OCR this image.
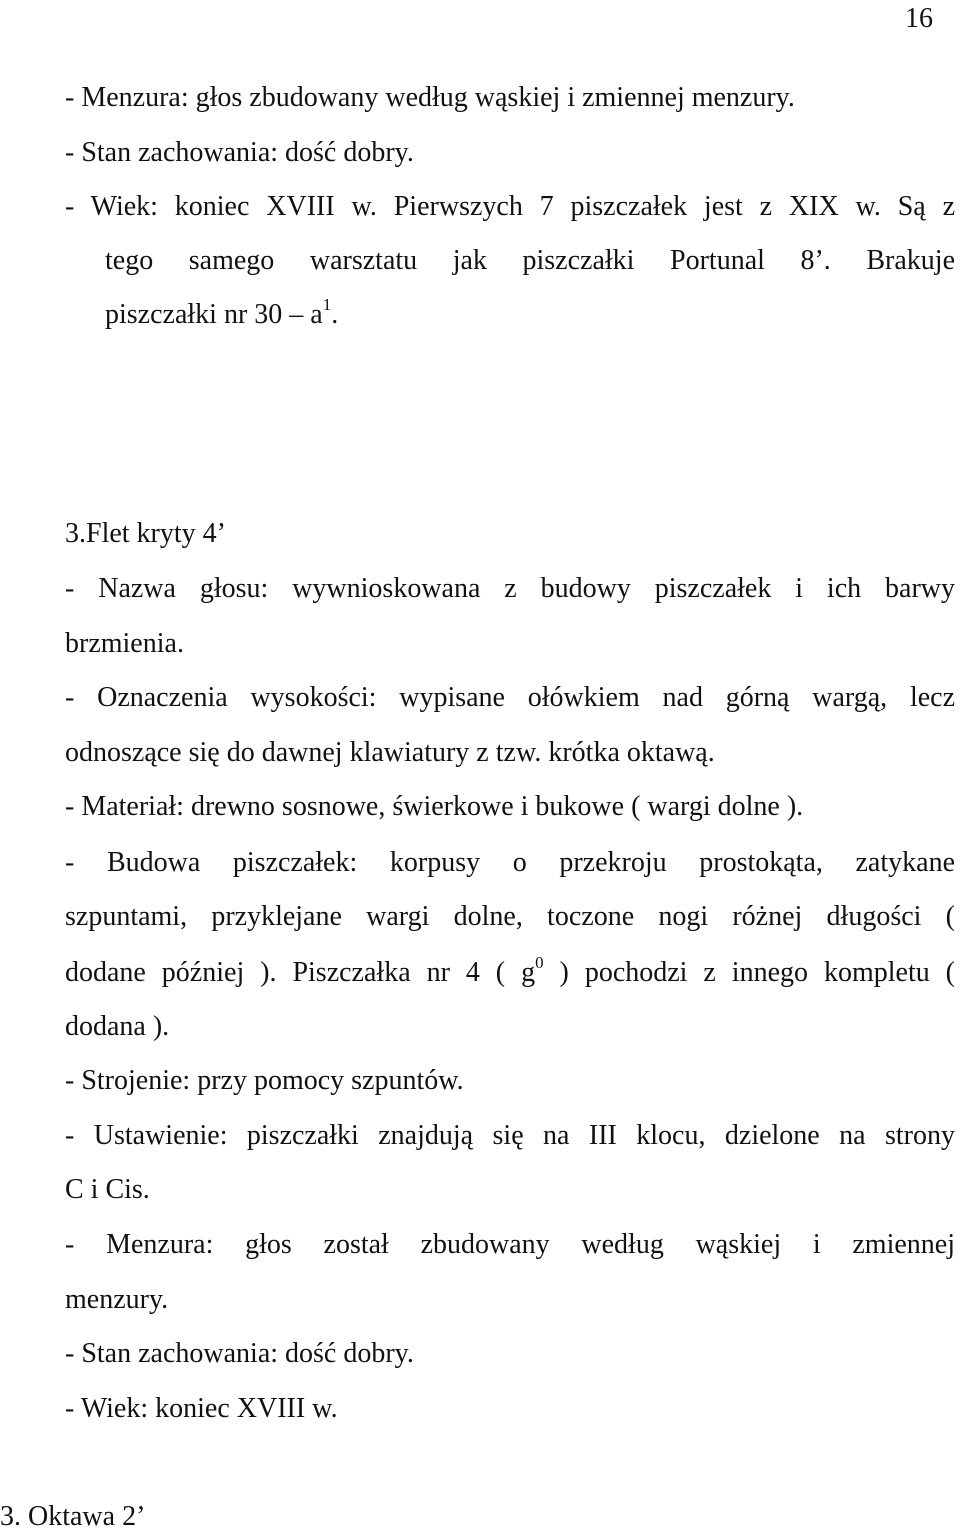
16
- Menzura: głos zbudowany według wąskiej i zmiennej menzury.
- Stan zachowania: dość dobry.
- Wiek: koniec XVIII w. Pierwszych 7 piszczałek jest z XIX w. Są z
tego samego warsztatu jak piszczałki Portunal 8’. Brakuje
piszczałki nr $30 - a^1$.
3.Flet kryty 4’
- Nazwa głosu: wywnioskowana z budowy piszczałek i ich barwy
brzmienia.
- Oznaczenia wysokości: wypisane ołówkiem nad górną wargą, lecz
odnoszące się do dawnej klawiatury z tzw. krótka oktawą.
- Materiał: drewno sosnowe, świerkowe i bukowe ( wargi dolne ).
- Budowa piszczałek: korpusy o przekroju prostokąta, zatykane
szpuntami, przyklejane wargi dolne, toczone nogi różnej długości (
dodane później ). Piszczałka nr 4 ( $g^0$ ) pochodzi z innego kompletu (
dodana ).
- Strojenie: przy pomocy szpuntów.
- Ustawienie: piszczałki znajdują się na III klocu, dzielone na strony
C i Cis.
- Menzura: głos został zbudowany według wąskiej i zmiennej
menzury.
- Stan zachowania: dość dobry.
- Wiek: koniec XVIII w.
3. Oktawa 2’
